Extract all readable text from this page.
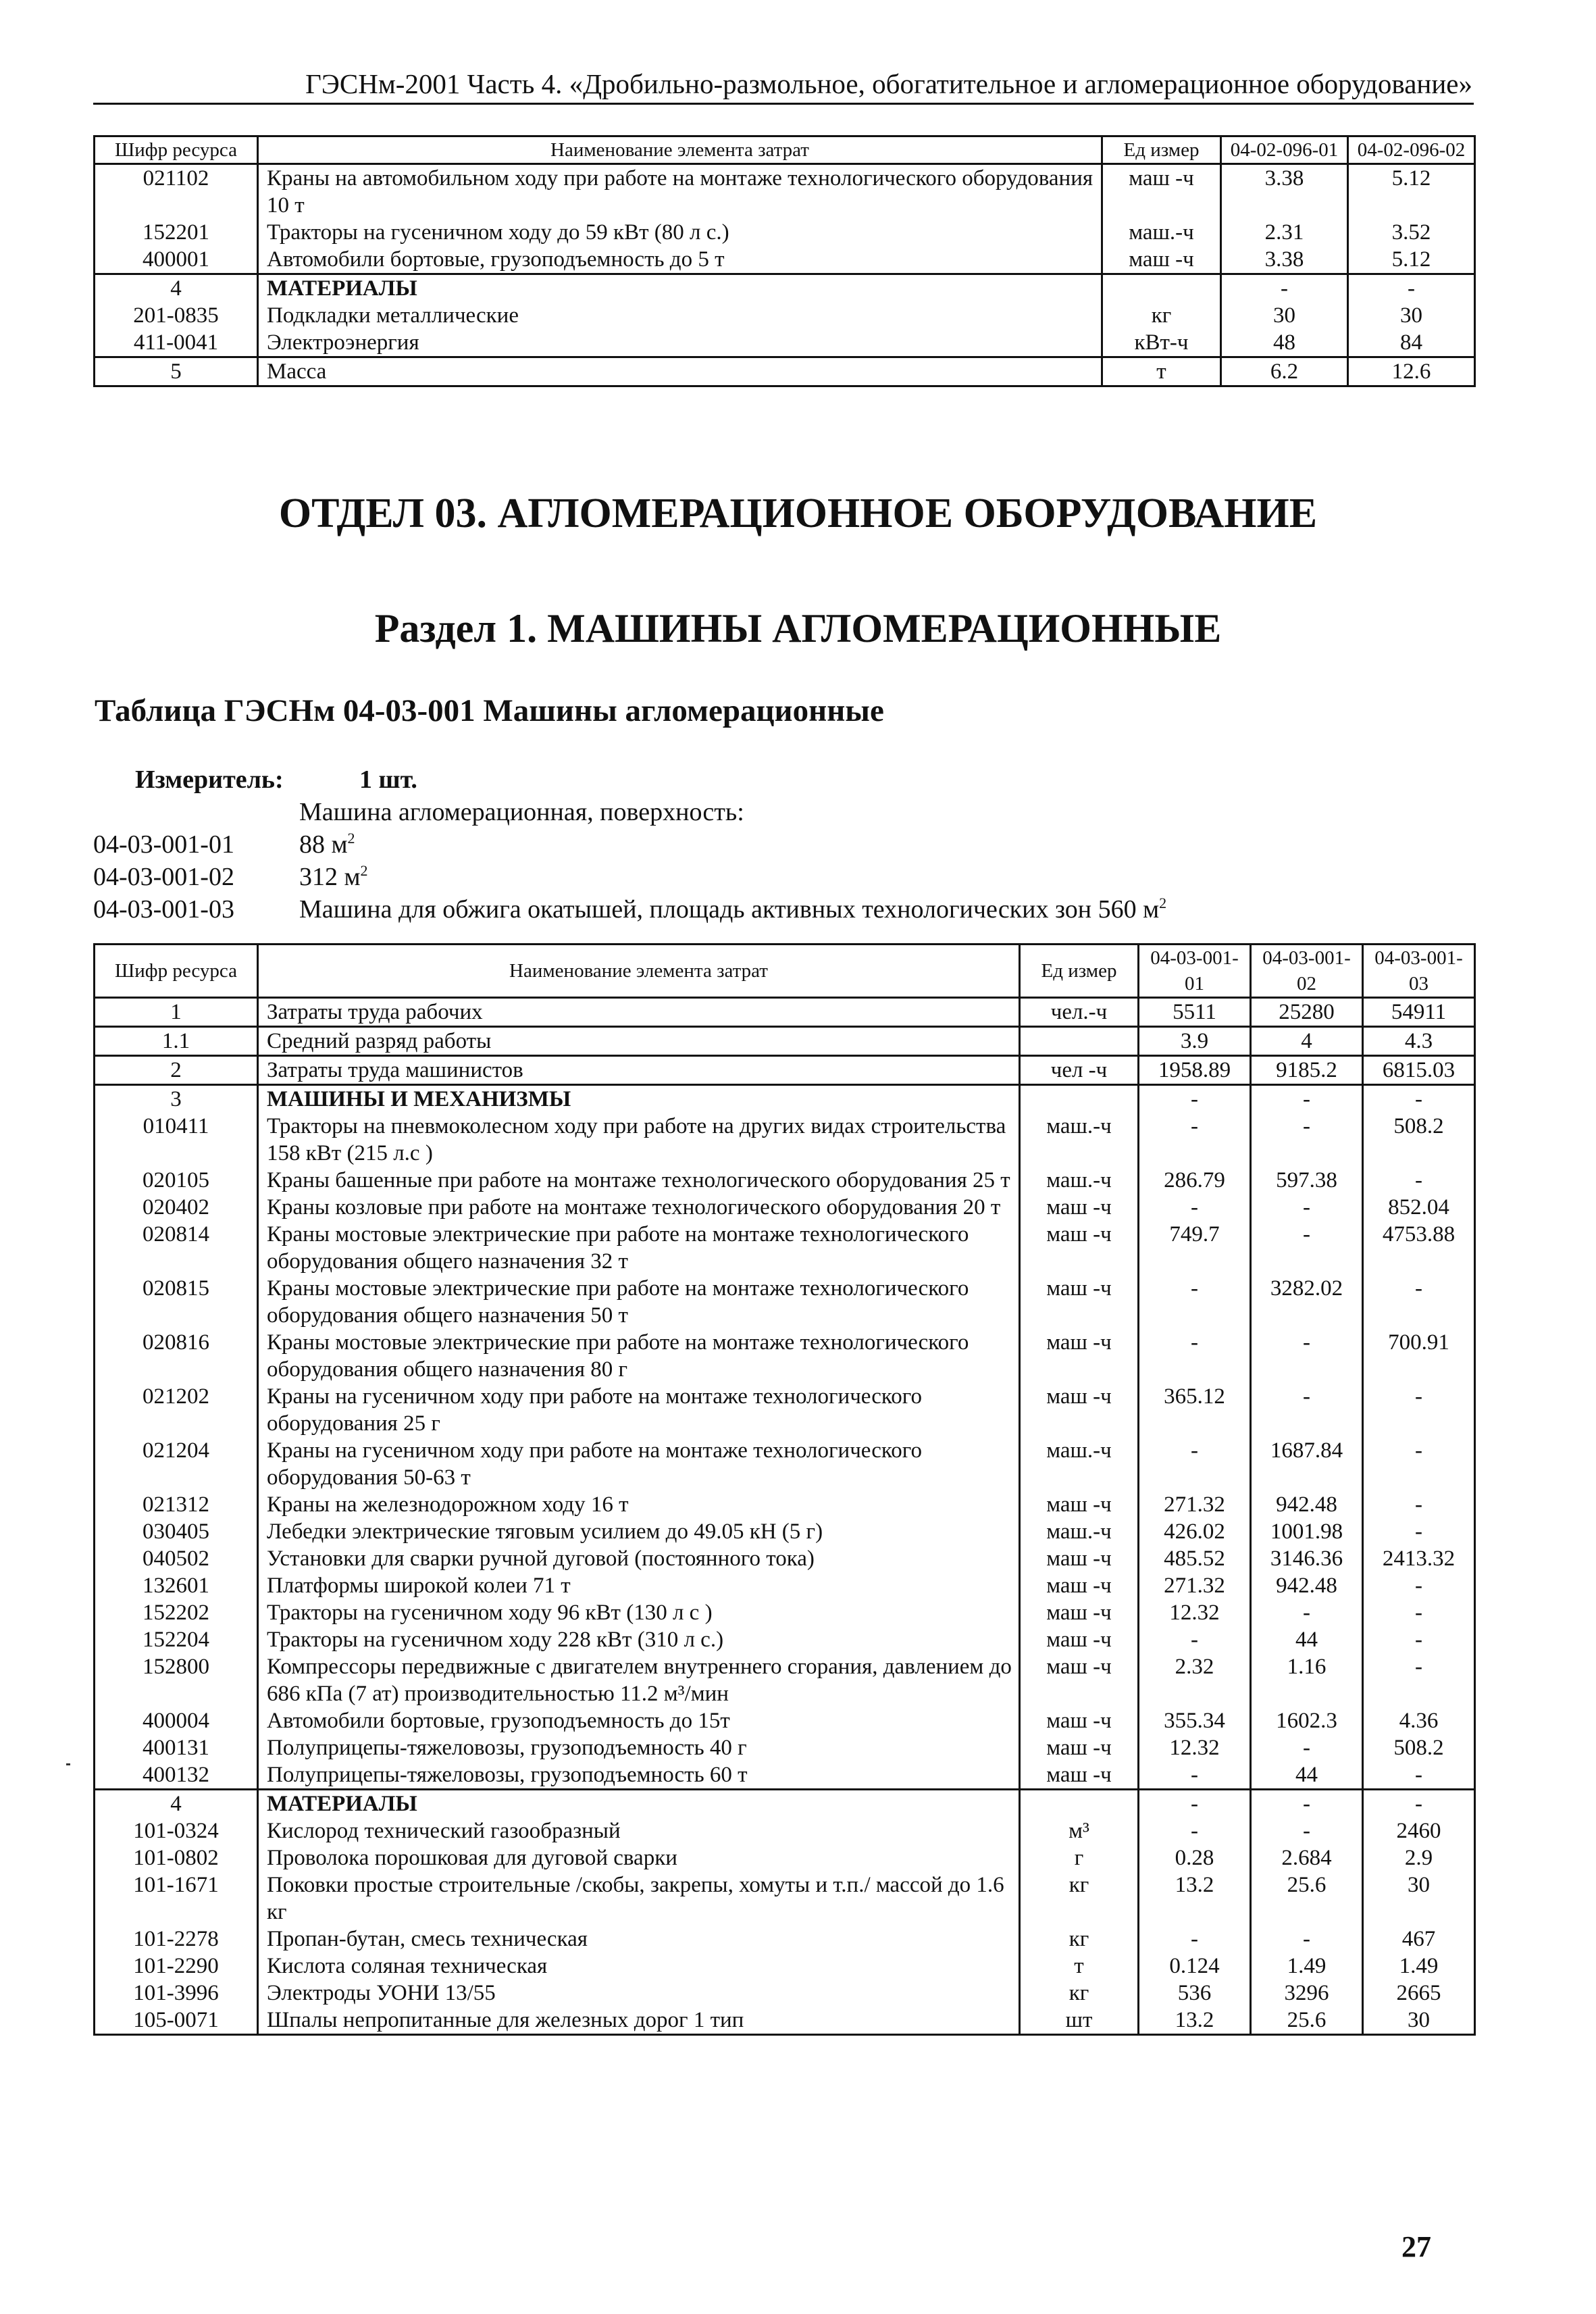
ГЭСНм-2001 Часть 4. «Дробильно-размольное, обогатительное и агломерационное оборудование»
Шифр ресурса	Наименование элемента затрат	Ед измер	04-02-096-01	04-02-096-02
021102	Краны на автомобильном ходу при работе на монтаже технологического оборудования 10 т	маш -ч	3.38	5.12
152201	Тракторы на гусеничном ходу до 59 кВт (80 л с.)	маш.-ч	2.31	3.52
400001	Автомобили бортовые, грузоподъемность до 5 т	маш -ч	3.38	5.12
4	МАТЕРИАЛЫ		-	-
201-0835	Подкладки металлические	кг	30	30
411-0041	Электроэнергия	кВт-ч	48	84
5	Масса	т	6.2	12.6
ОТДЕЛ 03. АГЛОМЕРАЦИОННОЕ ОБОРУДОВАНИЕ
Раздел 1. МАШИНЫ АГЛОМЕРАЦИОННЫЕ
Таблица ГЭСНм 04-03-001 Машины агломерационные
Измеритель:	1 шт.
Машина агломерационная, поверхность:
04-03-001-01	88 $м^2$
04-03-001-02	312 $м^2$
04-03-001-03	Машина для обжига окатышей, площадь активных технологических зон 560 $м^2$
Шифр ресурса	Наименование элемента затрат	Ед измер	04-03-001-01	04-03-001-02	04-03-001-03
1	Затраты труда рабочих	чел.-ч	5511	25280	54911
1.1	Средний разряд работы		3.9	4	4.3
2	Затраты труда машинистов	чел -ч	1958.89	9185.2	6815.03
3	МАШИНЫ И МЕХАНИЗМЫ		-	-	-
010411	Тракторы на пневмоколесном ходу при работе на других видах строительства 158 кВт (215 л.с )	маш.-ч	-	-	508.2
020105	Краны башенные при работе на монтаже технологического оборудования 25 т	маш.-ч	286.79	597.38	-
020402	Краны козловые при работе на монтаже технологического оборудования 20 т	маш -ч	-	-	852.04
020814	Краны мостовые электрические при работе на монтаже технологического оборудования общего назначения 32 т	маш -ч	749.7	-	4753.88
020815	Краны мостовые электрические при работе на монтаже технологического оборудования общего назначения 50 т	маш -ч	-	3282.02	-
020816	Краны мостовые электрические при работе на монтаже технологического оборудования общего назначения 80 г	маш -ч	-	-	700.91
021202	Краны на гусеничном ходу при работе на монтаже технологического оборудования 25 г	маш -ч	365.12	-	-
021204	Краны на гусеничном ходу при работе на монтаже технологического оборудования 50-63 т	маш.-ч	-	1687.84	-
021312	Краны на железнодорожном ходу 16 т	маш -ч	271.32	942.48	-
030405	Лебедки электрические тяговым усилием до 49.05 кН (5 г)	маш.-ч	426.02	1001.98	-
040502	Установки для сварки ручной дуговой (постоянного тока)	маш -ч	485.52	3146.36	2413.32
132601	Платформы широкой колеи 71 т	маш -ч	271.32	942.48	-
152202	Тракторы на гусеничном ходу 96 кВт (130 л с )	маш -ч	12.32	-	-
152204	Тракторы на гусеничном ходу 228 кВт (310 л с.)	маш -ч	-	44	-
152800	Компрессоры передвижные с двигателем внутреннего сгорания, давлением до 686 кПа (7 ат) производительностью 11.2 м³/мин	маш -ч	2.32	1.16	-
400004	Автомобили бортовые, грузоподъемность до 15т	маш -ч	355.34	1602.3	4.36
400131	Полуприцепы-тяжеловозы, грузоподъемность 40 г	маш -ч	12.32	-	508.2
400132	Полуприцепы-тяжеловозы, грузоподъемность 60 т	маш -ч	-	44	-
4	МАТЕРИАЛЫ		-	-	-
101-0324	Кислород технический газообразный	м³	-	-	2460
101-0802	Проволока порошковая для дуговой сварки	г	0.28	2.684	2.9
101-1671	Поковки простые строительные /скобы, закрепы, хомуты и т.п./ массой до 1.6 кг	кг	13.2	25.6	30
101-2278	Пропан-бутан, смесь техническая	кг	-	-	467
101-2290	Кислота соляная техническая	т	0.124	1.49	1.49
101-3996	Электроды УОНИ 13/55	кг	536	3296	2665
105-0071	Шпалы непропитанные для железных дорог 1 тип	шт	13.2	25.6	30
27
